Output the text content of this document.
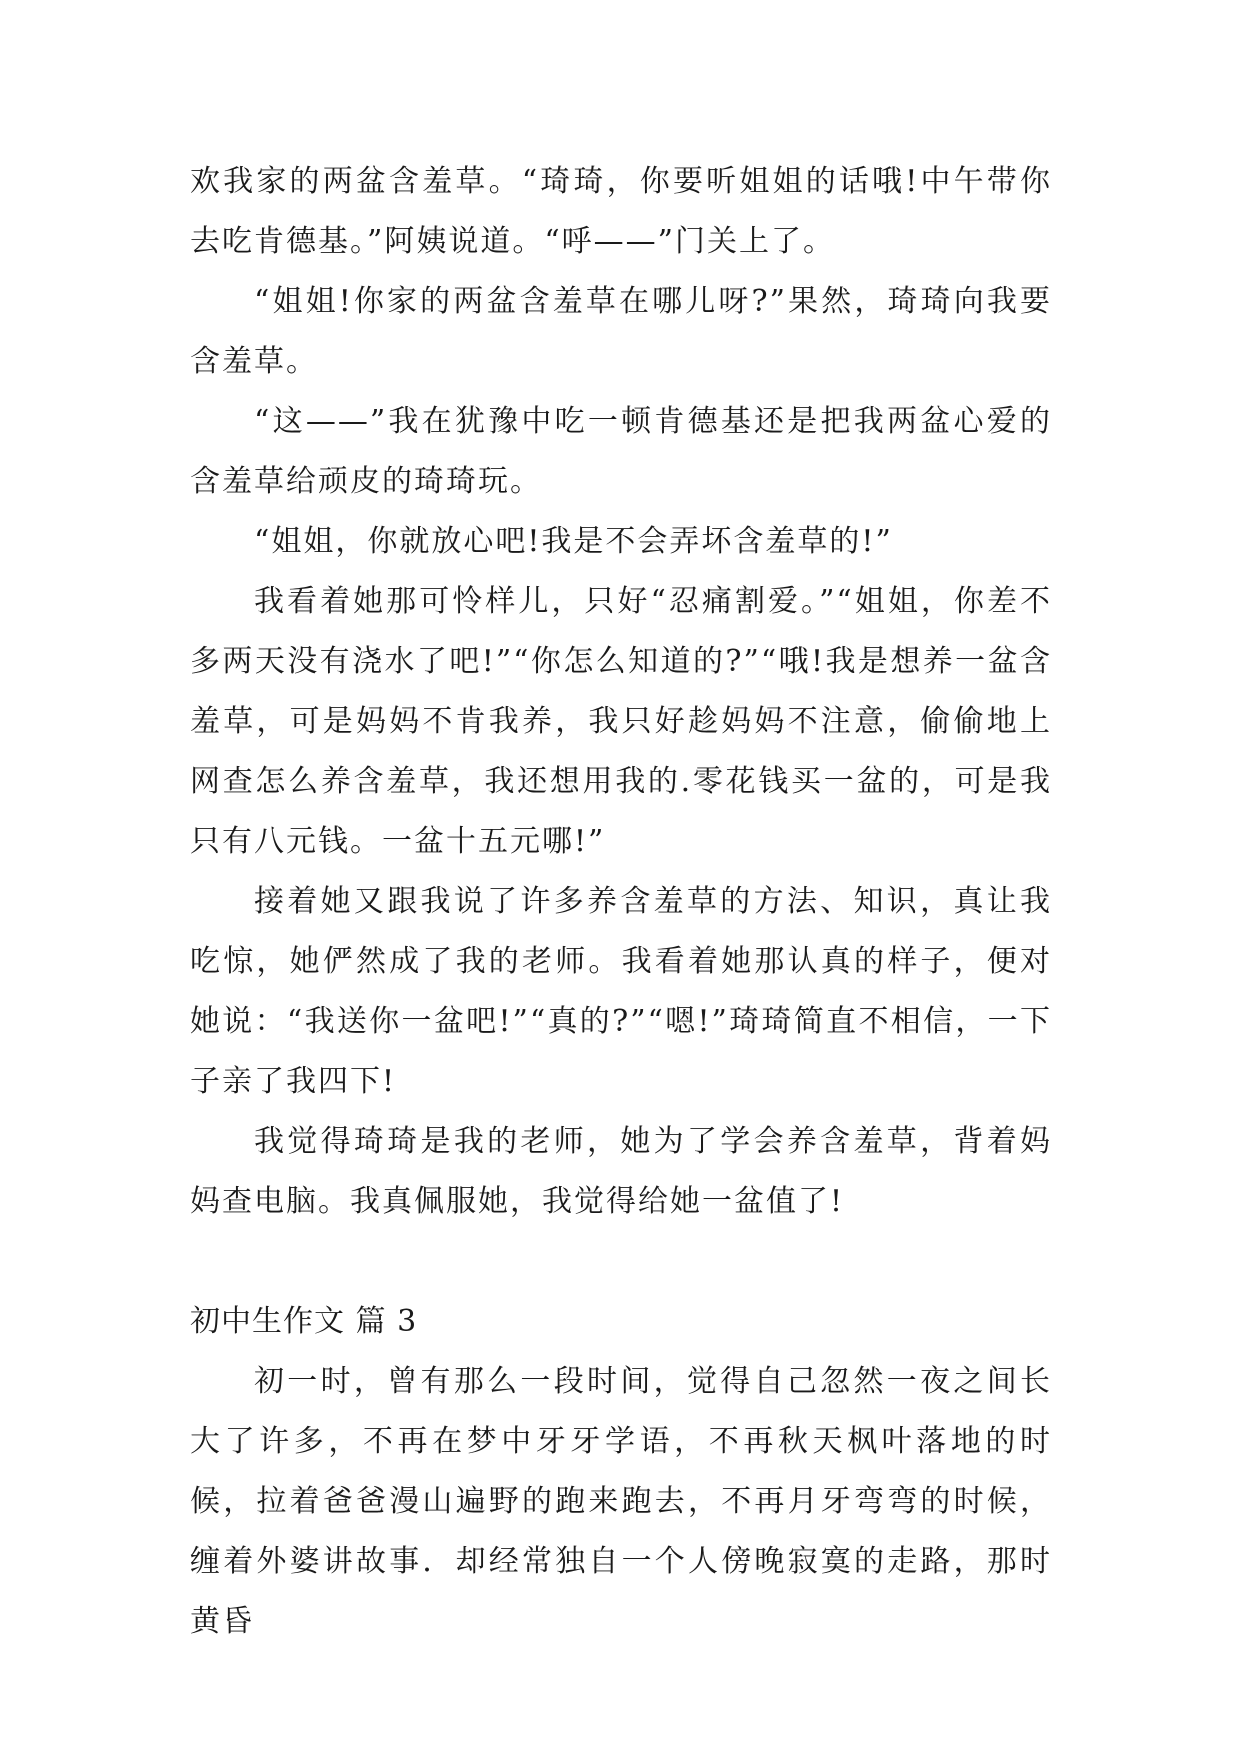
欢我家的两盆含羞草。“琦琦，你要听姐姐的话哦!中午带你去吃肯德基。”阿姨说道。“呼——”门关上了。

“姐姐!你家的两盆含羞草在哪儿呀?”果然，琦琦向我要含羞草。

“这——”我在犹豫中吃一顿肯德基还是把我两盆心爱的含羞草给顽皮的琦琦玩。

“姐姐，你就放心吧!我是不会弄坏含羞草的!”

我看着她那可怜样儿，只好“忍痛割爱。”“姐姐，你差不多两天没有浇水了吧!”“你怎么知道的?”“哦!我是想养一盆含羞草，可是妈妈不肯我养，我只好趁妈妈不注意，偷偷地上网查怎么养含羞草，我还想用我的.零花钱买一盆的，可是我只有八元钱。一盆十五元哪!”

接着她又跟我说了许多养含羞草的方法、知识，真让我吃惊，她俨然成了我的老师。我看着她那认真的样子，便对她说：“我送你一盆吧!”“真的?”“嗯!”琦琦简直不相信，一下子亲了我四下!

我觉得琦琦是我的老师，她为了学会养含羞草，背着妈妈查电脑。我真佩服她，我觉得给她一盆值了!

初中生作文 篇 3

初一时，曾有那么一段时间，觉得自己忽然一夜之间长大了许多，不再在梦中牙牙学语，不再秋天枫叶落地的时候，拉着爸爸漫山遍野的跑来跑去，不再月牙弯弯的时候，缠着外婆讲故事．却经常独自一个人傍晚寂寞的走路，那时黄昏
